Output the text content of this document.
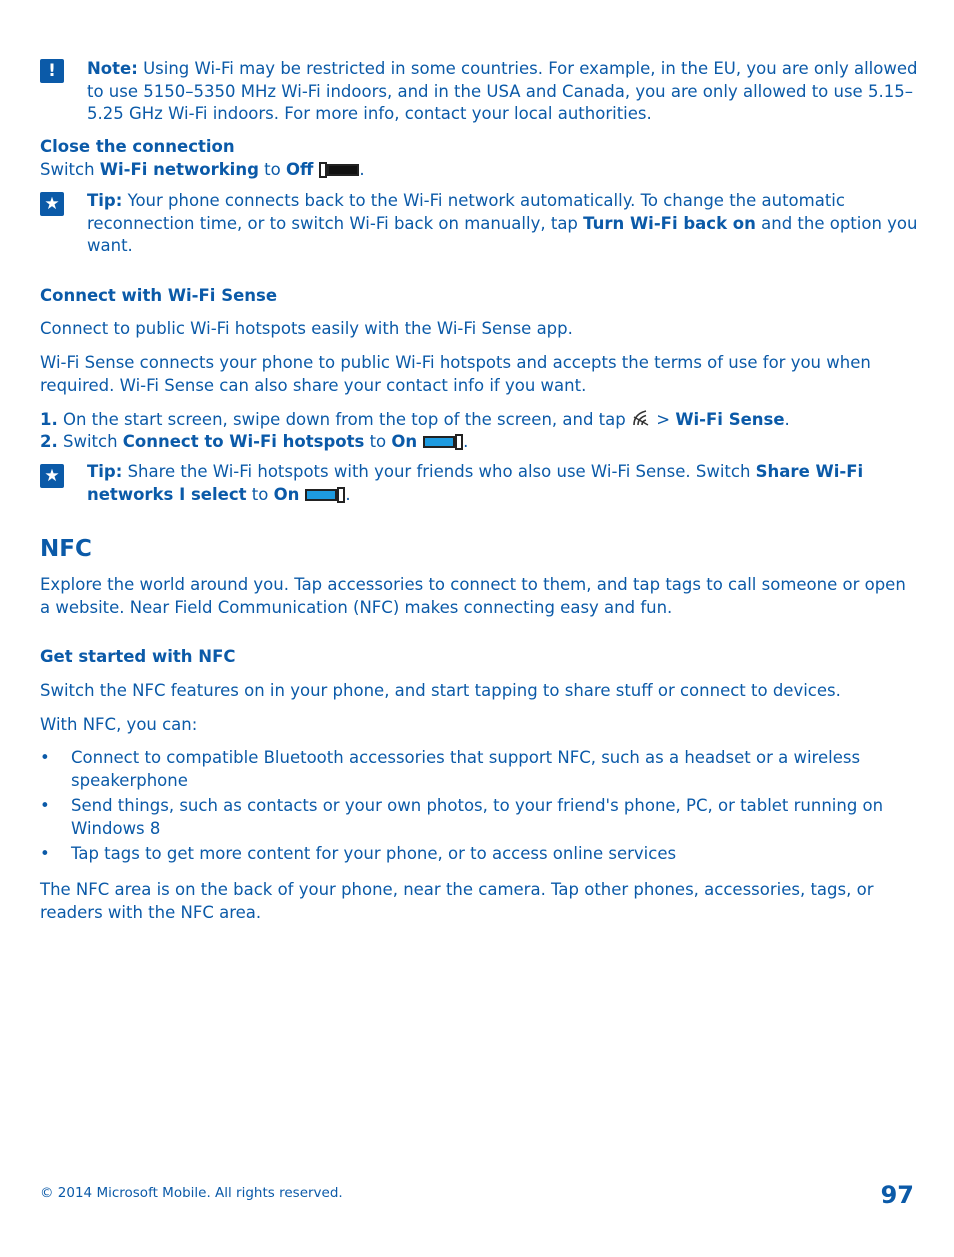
!	Note: Using Wi-Fi may be restricted in some countries. For example, in the EU, you are only allowed to use 5150–5350 MHz Wi-Fi indoors, and in the USA and Canada, you are only allowed to use 5.15–5.25 GHz Wi-Fi indoors. For more info, contact your local authorities.
Close the connection
Switch Wi-Fi networking to Off	.
★ Tip: Your phone connects back to the Wi-Fi network automatically. To change the automatic reconnection time, or to switch Wi-Fi back on manually, tap Turn Wi-Fi back on and the option you want.
Connect with Wi-Fi Sense
Connect to public Wi-Fi hotspots easily with the Wi-Fi Sense app.
Wi-Fi Sense connects your phone to public Wi-Fi hotspots and accepts the terms of use for you when required. Wi-Fi Sense can also share your contact info if you want.
1. On the start screen, swipe down from the top of the screen, and tap  > Wi-Fi Sense.
2. Switch Connect to Wi-Fi hotspots to On	.
★ Tip: Share the Wi-Fi hotspots with your friends who also use Wi-Fi Sense. Switch Share Wi-Fi networks I select to On	.
NFC
Explore the world around you. Tap accessories to connect to them, and tap tags to call someone or open a website. Near Field Communication (NFC) makes connecting easy and fun.
Get started with NFC
Switch the NFC features on in your phone, and start tapping to share stuff or connect to devices.
With NFC, you can:
• Connect to compatible Bluetooth accessories that support NFC, such as a headset or a wireless speakerphone
• Send things, such as contacts or your own photos, to your friend's phone, PC, or tablet running on Windows 8
• Tap tags to get more content for your phone, or to access online services
The NFC area is on the back of your phone, near the camera. Tap other phones, accessories, tags, or readers with the NFC area.
© 2014 Microsoft Mobile. All rights reserved.	97
